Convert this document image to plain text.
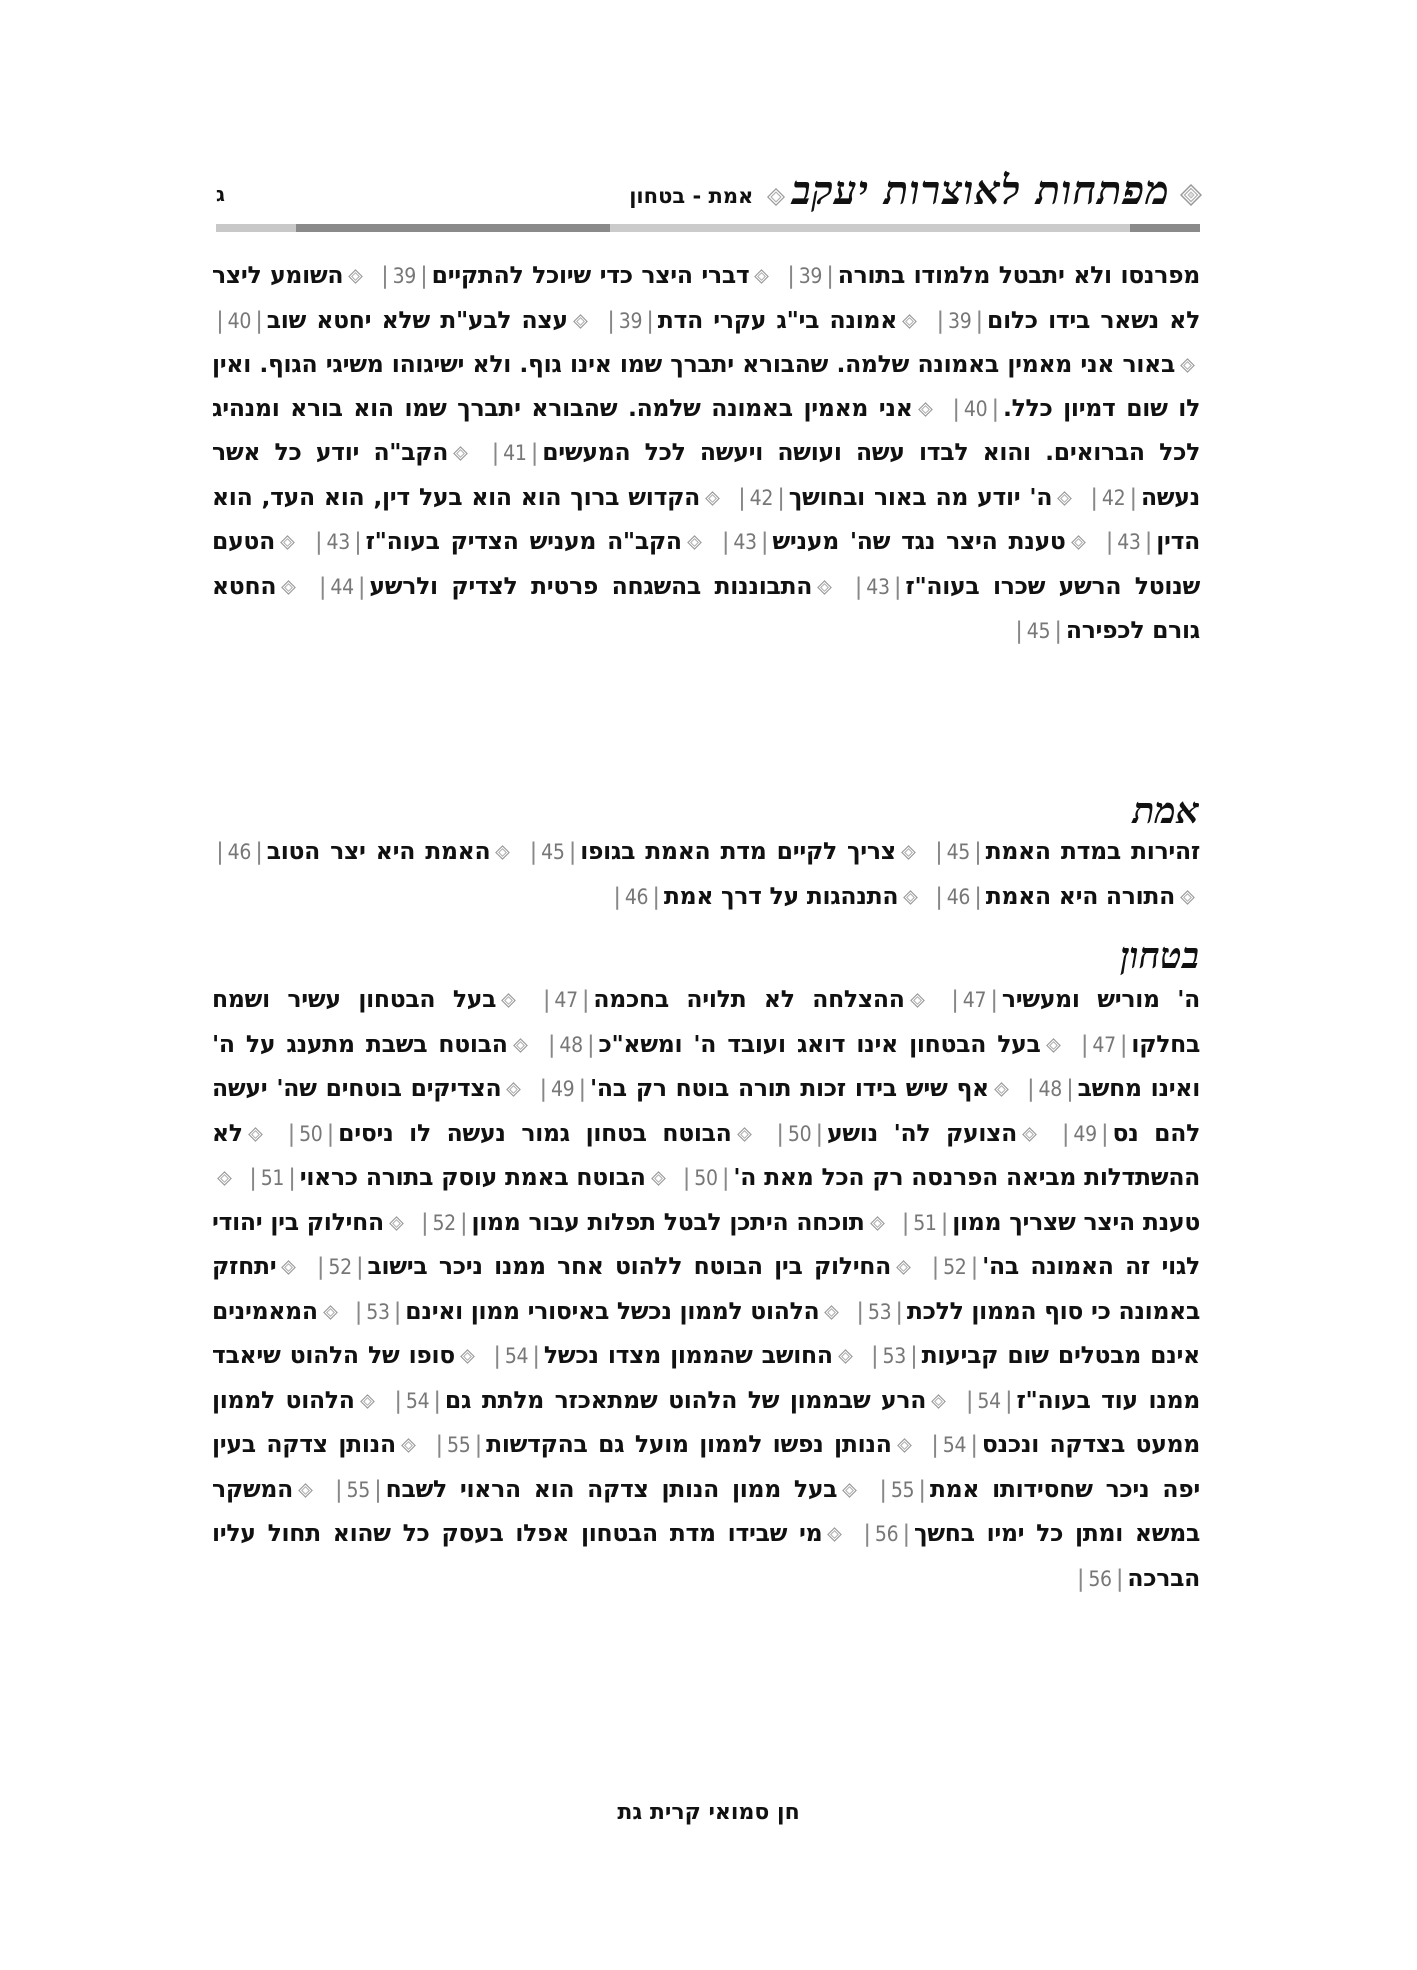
מפתחות לאוצרות יעקב
אמת - בטחון
ג
מפרנסו ולא יתבטל מלמודו בתורה|39| דברי היצר כדי שיוכל להתקיים|39| השומע ליצר לא נשאר בידו כלום|39| אמונה בי"ג עקרי הדת|39| עצה לבע"ת שלא יחטא שוב|40| באור אני מאמין באמונה שלמה. שהבורא יתברך שמו אינו גוף. ולא ישיגוהו משיגי הגוף. ואין לו שום דמיון כלל.|40| אני מאמין באמונה שלמה. שהבורא יתברך שמו הוא בורא ומנהיג לכל הברואים. והוא לבדו עשה ועושה ויעשה לכל המעשים|41| הקב"ה יודע כל אשר נעשה|42| ה' יודע מה באור ובחושך|42| הקדוש ברוך הוא הוא בעל דין, הוא העד, הוא הדין|43| טענת היצר נגד שה' מעניש|43| הקב"ה מעניש הצדיק בעוה"ז|43| הטעם שנוטל הרשע שכרו בעוה"ז|43| התבוננות בהשגחה פרטית לצדיק ולרשע|44| החטא גורם לכפירה|45|
אמת
זהירות במדת האמת|45| צריך לקיים מדת האמת בגופו|45| האמת היא יצר הטוב|46| התורה היא האמת|46| התנהגות על דרך אמת|46|
בטחון
ה' מוריש ומעשיר|47| ההצלחה לא תלויה בחכמה|47| בעל הבטחון עשיר ושמח בחלקו|47| בעל הבטחון אינו דואג ועובד ה' ומשא"כ|48| הבוטח בשבת מתענג על ה' ואינו מחשב|48| אף שיש בידו זכות תורה בוטח רק בה'|49| הצדיקים בוטחים שה' יעשה להם נס|49| הצועק לה' נושע|50| הבוטח בטחון גמור נעשה לו ניסים|50| לא ההשתדלות מביאה הפרנסה רק הכל מאת ה'|50| הבוטח באמת עוסק בתורה כראוי|51| טענת היצר שצריך ממון|51| תוכחה היתכן לבטל תפלות עבור ממון|52| החילוק בין יהודי לגוי זה האמונה בה'|52| החילוק בין הבוטח ללהוט אחר ממנו ניכר בישוב|52| יתחזק באמונה כי סוף הממון ללכת|53| הלהוט לממון נכשל באיסורי ממון ואינם|53| המאמינים אינם מבטלים שום קביעות|53| החושב שהממון מצדו נכשל|54| סופו של הלהוט שיאבד ממנו עוד בעוה"ז|54| הרע שבממון של הלהוט שמתאכזר מלתת גם|54| הלהוט לממון ממעט בצדקה ונכנס|54| הנותן נפשו לממון מועל גם בהקדשות|55| הנותן צדקה בעין יפה ניכר שחסידותו אמת|55| בעל ממון הנותן צדקה הוא הראוי לשבח|55| המשקר במשא ומתן כל ימיו בחשך|56| מי שבידו מדת הבטחון אפלו בעסק כל שהוא תחול עליו הברכה|56|
חן סמואי קרית גת
